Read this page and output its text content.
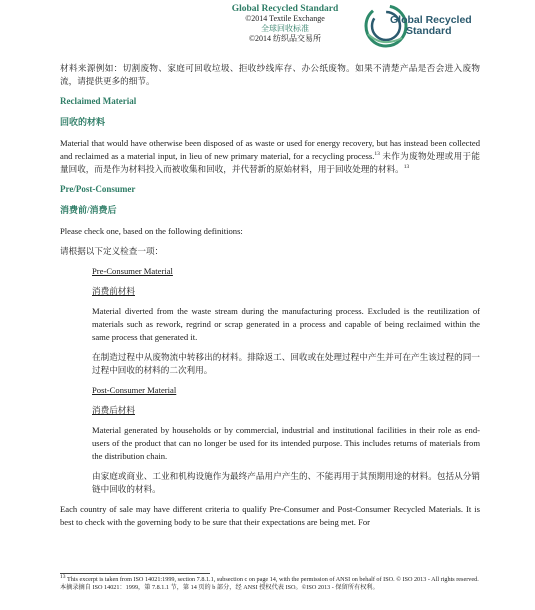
Global Recycled Standard
©2014 Textile Exchange
全球回收标准
©2014 纺织品交易所
Global Recycled
Standard

材料来源例如：切割废物、家庭可回收垃圾、拒收纱线库存、办公纸废物。如果不清楚产品是否会进入废物流，请提供更多的细节。

Reclaimed Material

回收的材料

Material that would have otherwise been disposed of as waste or used for energy recovery, but has instead been collected and reclaimed as a material input, in lieu of new primary material, for a recycling process.$^{13}$ 未作为废物处理或用于能量回收，而是作为材料投入而被收集和回收，并代替新的原始材料，用于回收处理的材料。$^{13}$

Pre/Post-Consumer

消费前/消费后

Please check one, based on the following definitions:

请根据以下定义检查一项：

Pre-Consumer Material

消费前材料

Material diverted from the waste stream during the manufacturing process. Excluded is the reutilization of materials such as rework, regrind or scrap generated in a process and capable of being reclaimed within the same process that generated it.

在制造过程中从废物流中转移出的材料。排除返工、回收或在处理过程中产生并可在产生该过程的同一过程中回收的材料的二次利用。

Post-Consumer Material

消费后材料

Material generated by households or by commercial, industrial and institutional facilities in their role as end-users of the product that can no longer be used for its intended purpose. This includes returns of materials from the distribution chain.

由家庭或商业、工业和机构设施作为最终产品用户产生的、不能再用于其预期用途的材料。包括从分销链中回收的材料。

Each country of sale may have different criteria to qualify Pre-Consumer and Post-Consumer Recycled Materials. It is best to check with the governing body to be sure that their expectations are being met. For

13 This excerpt is taken from ISO 14021:1999, section 7.8.1.1, subsection c on page 14, with the permission of ANSI on behalf of ISO. © ISO 2013 - All rights reserved. 本摘录摘自 ISO 14021：1999，第 7.8.1.1 节，第 14 页的 b 部分，经 ANSI 授权代表 ISO。©ISO 2013 - 保留所有权利。
